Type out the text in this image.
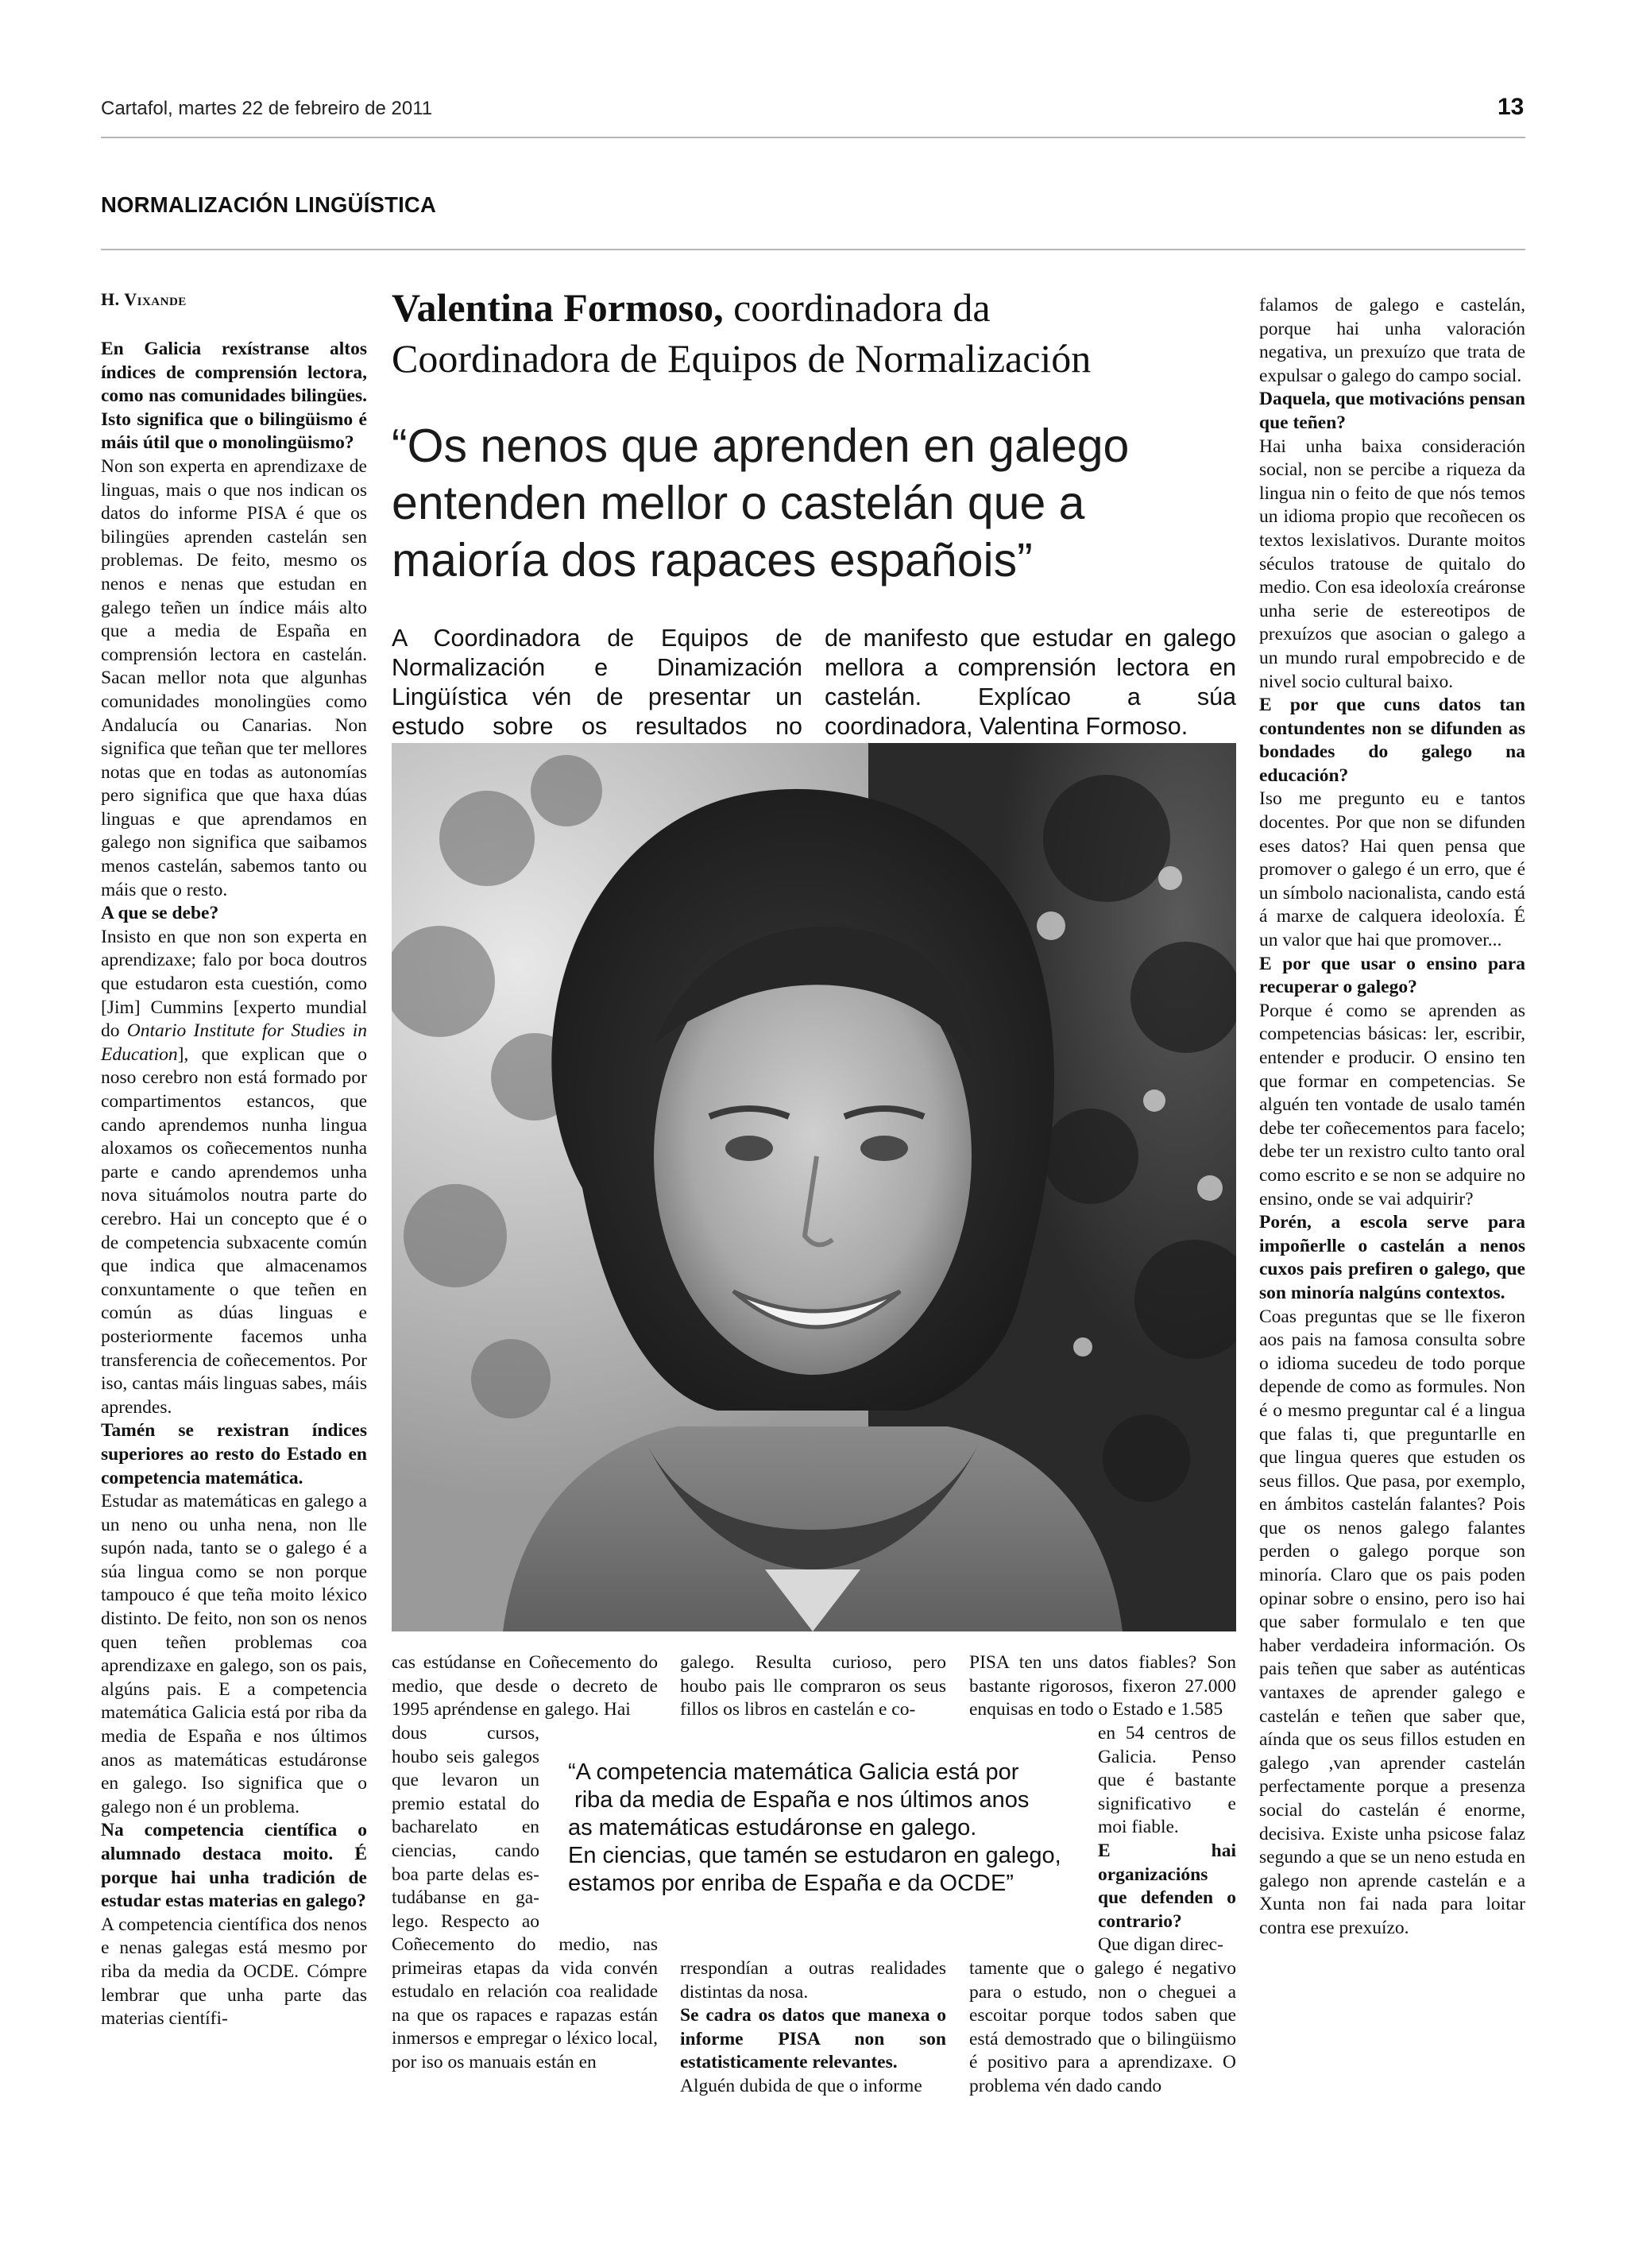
Cartafol, martes 22 de febreiro de 2011	13
NORMALIZACIÓN LINGÜÍSTICA
H. Vixande

En Galicia rexístranse altos índices de comprensión lectora, como nas comunidades bilingües. Isto significa que o bilingüismo é máis útil que o monolingüismo?

Non son experta en aprendizaxe de linguas, mais o que nos indican os datos do informe PISA é que os bilingües aprenden castelán sen problemas. De feito, mesmo os nenos e nenas que estudan en galego teñen un índice máis alto que a media de España en comprensión lectora en castelán. Sacan mellor nota que algunhas comunidades monolingües como Andalucía ou Canarias. Non significa que teñan que ter mellores notas que en todas as autonomías pero significa que que haxa dúas linguas e que aprendamos en galego non significa que saibamos menos castelán, sabemos tanto ou máis que o resto.

A que se debe?

Insisto en que non son experta en aprendizaxe; falo por boca doutros que estudaron esta cuestión, como [Jim] Cummins [experto mundial do Ontario Institute for Studies in Education], que explican que o noso cerebro non está formado por compartimentos estancos, que cando aprendemos nunha lingua aloxamos os coñecementos nunha parte e cando aprendemos unha nova situámolos noutra parte do cerebro. Hai un concepto que é o de competencia subxacente común que indica que almacenamos conxuntamente o que teñen en común as dúas linguas e posteriormente facemos unha transferencia de coñecementos. Por iso, cantas máis linguas sabes, máis aprendes.

Tamén se rexistran índices superiores ao resto do Estado en competencia matemática.

Estudar as matemáticas en galego a un neno ou unha nena, non lle supón nada, tanto se o galego é a súa lingua como se non porque tampouco é que teña moito léxico distinto. De feito, non son os nenos quen teñen problemas coa aprendizaxe en galego, son os pais, algúns pais. E a competencia matemática Galicia está por riba da media de España e nos últimos anos as matemáticas estudáronse en galego. Iso significa que o galego non é un problema.

Na competencia científica o alumnado destaca moito. É porque hai unha tradición de estudar estas materias en galego?

A competencia científica dos nenos e nenas galegas está mesmo por riba da media da OCDE. Cómpre lembrar que unha parte das materias científi-

Valentina Formoso, coordinadora da
Coordinadora de Equipos de Normalización
“Os nenos que aprenden en galego entenden mellor o castelán que a maioría dos rapaces españois”
A Coordinadora de Equipos de Normalización e Dinamización Lingüística vén de presentar un estudo sobre os resultados no
de manifesto que estudar en galego mellora a comprensión lectora en castelán. Explícao a súa coordinadora, Valentina Formoso.
cas estúdanse en Coñecemento do medio, que desde o decreto de 1995 apréndense en galego. Hai
dous cursos,
houbo seis galegos
que levaron un
premio estatal do
bacharelato en
ciencias, cando
boa parte delas es-
tudábanse en ga-
lego. Respecto ao
Coñecemento do medio, nas primeiras etapas da vida convén estudalo en relación coa realidade na que os rapaces e rapazas están inmersos e empregar o léxico local, por iso os manuais están en
galego. Resulta curioso, pero houbo pais lle compraron os seus fillos os libros en castelán e co-

rrespondían a outras realidades distintas da nosa.

Se cadra os datos que manexa o informe PISA non son estatisticamente relevantes.

Alguén dubida de que o informe

“A competencia matemática Galicia está por
riba da media de España e nos últimos anos
as matemáticas estudáronse en galego.
En ciencias, que tamén se estudaron en galego,
estamos por enriba de España e da OCDE”
PISA ten uns datos fiables? Son bastante rigorosos, fixeron 27.000 enquisas en todo o Estado e 1.585

en 54 centros de Galicia. Penso que é bastante significativo e moi fiable.

E hai organizacións que defenden o contrario?

Que digan direc-

tamente que o galego é negativo para o estudo, non o cheguei a escoitar porque todos saben que está demostrado que o bilingüismo é positivo para a aprendizaxe. O problema vén dado cando

falamos de galego e castelán, porque hai unha valoración negativa, un prexuízo que trata de expulsar o galego do campo social.

Daquela, que motivacións pensan que teñen?

Hai unha baixa consideración social, non se percibe a riqueza da lingua nin o feito de que nós temos un idioma propio que recoñecen os textos lexislativos. Durante moitos séculos tratouse de quitalo do medio. Con esa ideoloxía creáronse unha serie de estereotipos de prexuízos que asocian o galego a un mundo rural empobrecido e de nivel socio cultural baixo.

E por que cuns datos tan contundentes non se difunden as bondades do galego na educación?

Iso me pregunto eu e tantos docentes. Por que non se difunden eses datos? Hai quen pensa que promover o galego é un erro, que é un símbolo nacionalista, cando está á marxe de calquera ideoloxía. É un valor que hai que promover...

E por que usar o ensino para recuperar o galego?

Porque é como se aprenden as competencias básicas: ler, escribir, entender e producir. O ensino ten que formar en competencias. Se alguén ten vontade de usalo tamén debe ter coñecementos para facelo; debe ter un rexistro culto tanto oral como escrito e se non se adquire no ensino, onde se vai adquirir?

Porén, a escola serve para impoñerlle o castelán a nenos cuxos pais prefiren o galego, que son minoría nalgúns contextos.

Coas preguntas que se lle fixeron aos pais na famosa consulta sobre o idioma sucedeu de todo porque depende de como as formules. Non é o mesmo preguntar cal é a lingua que falas ti, que preguntarlle en que lingua queres que estuden os seus fillos. Que pasa, por exemplo, en ámbitos castelán falantes? Pois que os nenos galego falantes perden o galego porque son minoría. Claro que os pais poden opinar sobre o ensino, pero iso hai que saber formulalo e ten que haber verdadeira información. Os pais teñen que saber as auténticas vantaxes de aprender galego e castelán e teñen que saber que, aínda que os seus fillos estuden en galego ,van aprender castelán perfectamente porque a presenza social do castelán é enorme, decisiva. Existe unha psicose falaz segundo a que se un neno estuda en galego non aprende castelán e a Xunta non fai nada para loitar contra ese prexuízo.
